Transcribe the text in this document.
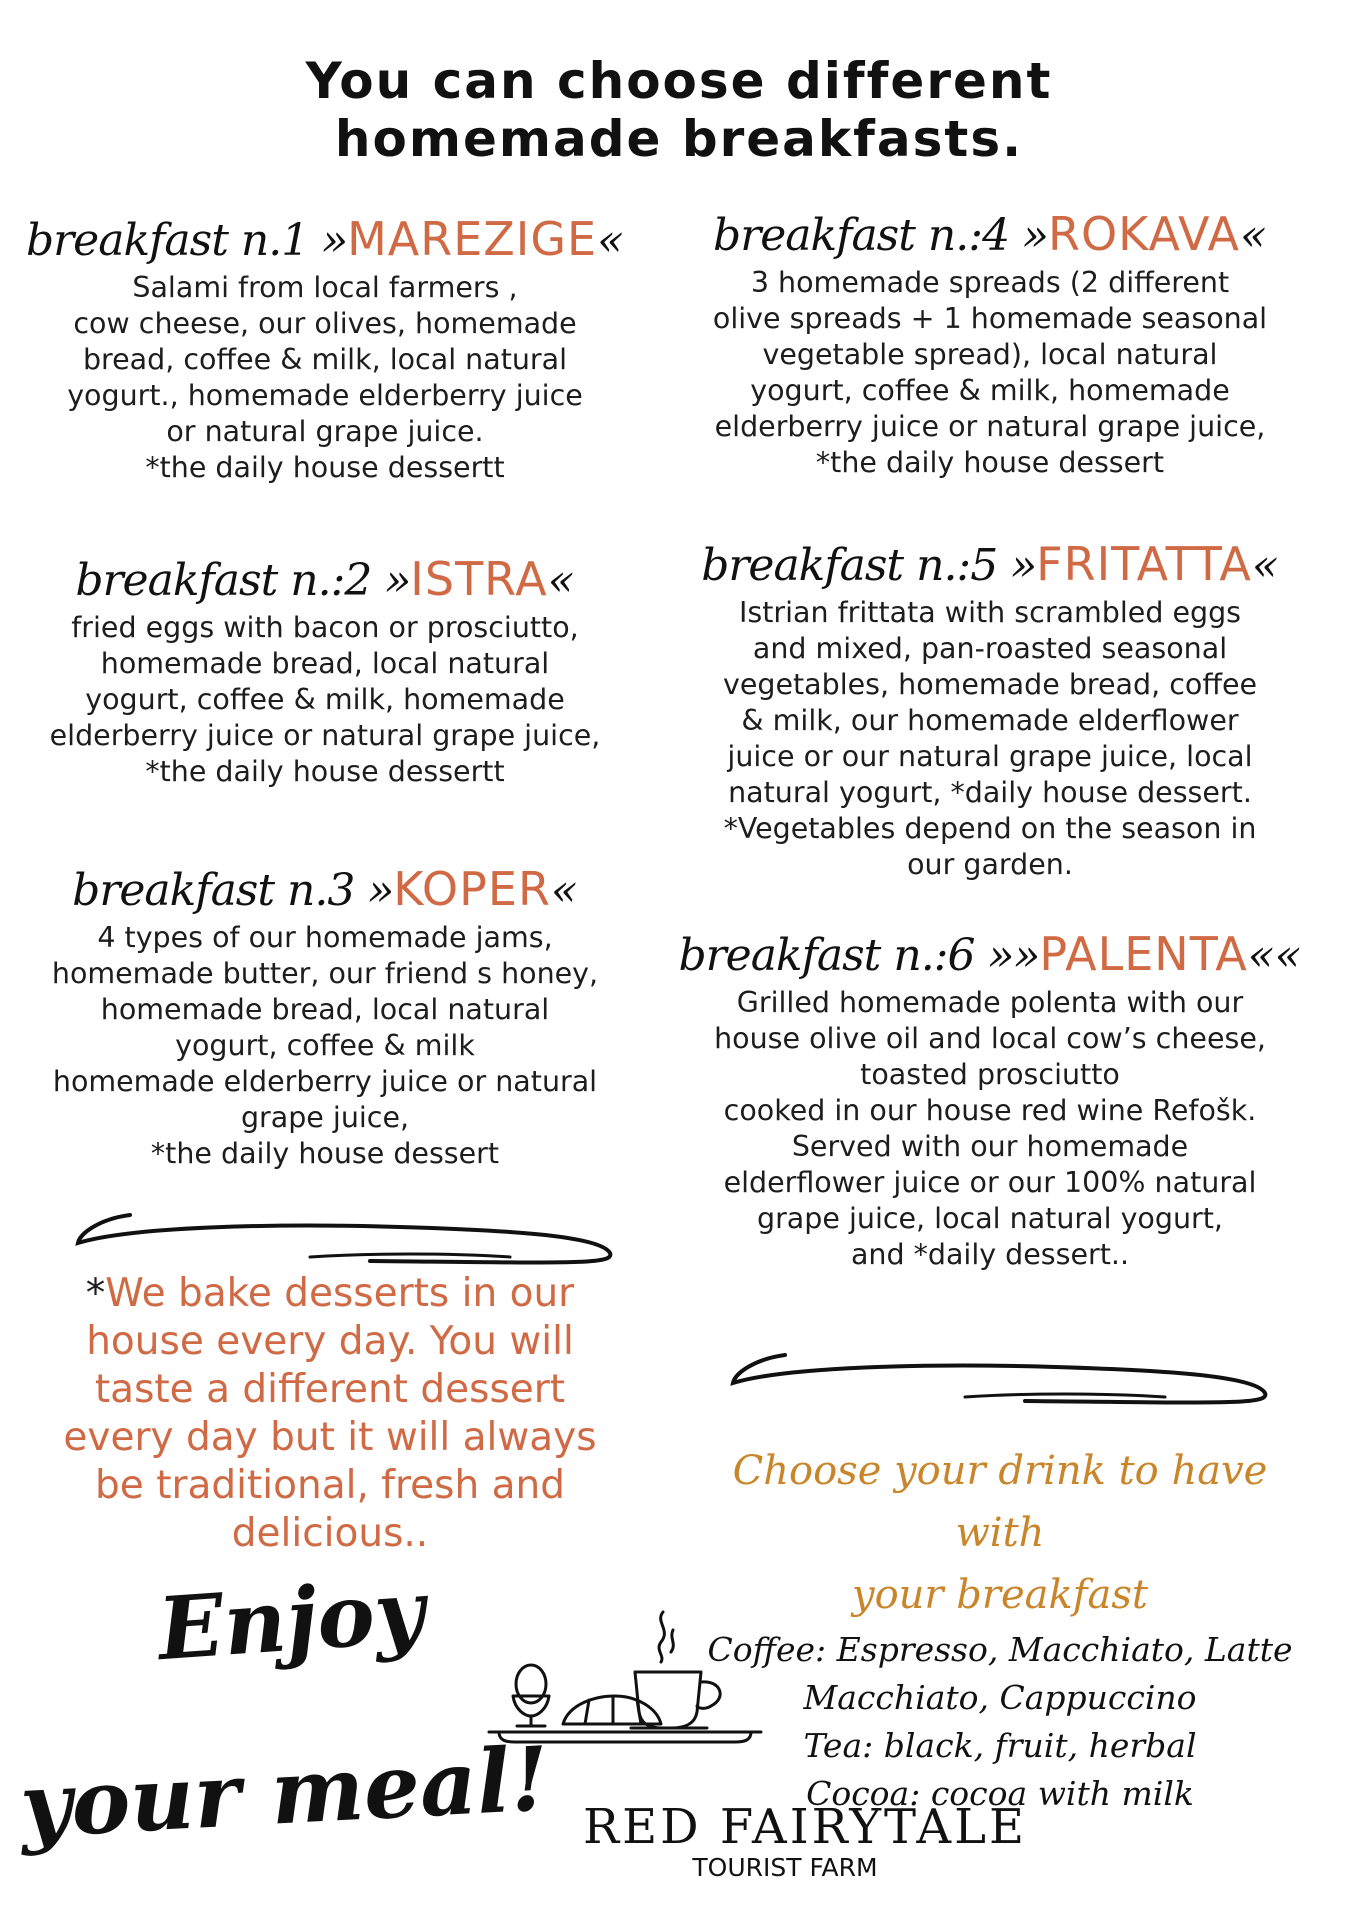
You can choose different
homemade breakfasts.
breakfast n.1 »MAREZIGE«
Salami from local farmers ,
cow cheese, our olives, homemade
bread, coffee & milk, local natural
yogurt., homemade elderberry juice
or natural grape juice.
*the daily house dessertt
breakfast n.:2 »ISTRA«
fried eggs with bacon or prosciutto,
homemade bread, local natural
yogurt, coffee & milk, homemade
elderberry juice or natural grape juice,
*the daily house dessertt
breakfast n.3 »KOPER«
4 types of our homemade jams,
homemade butter, our friend s honey,
homemade bread, local natural
yogurt, coffee & milk
homemade elderberry juice or natural
grape juice,
*the daily house dessert
breakfast n.:4 »ROKAVA«
3 homemade spreads (2 different
olive spreads + 1 homemade seasonal
vegetable spread), local natural
yogurt, coffee & milk, homemade
elderberry juice or natural grape juice,
*the daily house dessert
breakfast n.:5 »FRITATTA«
Istrian frittata with scrambled eggs
and mixed, pan-roasted seasonal
vegetables, homemade bread, coffee
& milk, our homemade elderflower
juice or our natural grape juice, local
natural yogurt, *daily house dessert.
*Vegetables depend on the season in
our garden.
breakfast n.:6 »»PALENTA««
Grilled homemade polenta with our
house olive oil and local cow’s cheese,
toasted prosciutto
cooked in our house red wine Refošk.
Served with our homemade
elderflower juice or our 100% natural
grape juice, local natural yogurt,
and *daily dessert..
*We bake desserts in our
house every day. You will
taste a different dessert
every day but it will always
be traditional, fresh and
delicious..
Choose your drink to have with
your breakfast
Coffee: Espresso, Macchiato, Latte
Macchiato, Cappuccino
Tea: black, fruit, herbal
Cocoa: cocoa with milk
Enjoy
your meal! RED FAIRYTALE
TOURIST FARM
